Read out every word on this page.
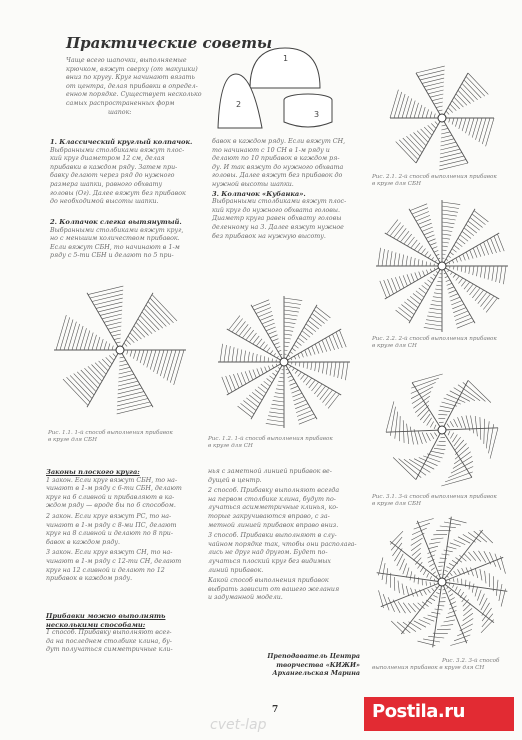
Практические советы
Чаще всего шапочки, выполняемые
крючком, вяжут сверху (от макушки)
вниз по кругу. Круг начинают вязать
от центра, делая прибавки в определ-
енном порядке. Существует несколько
самых распространенных форм
шапок:
1
2
3
1. Классический круглый колпачок.
Выбранными столбиками вяжут плос-
кий круг диаметром 12 см, делая
прибавки в каждом ряду. Затем при-
бавку делают через ряд до нужного
размера шапки, равного обхвату
головы (Ог). Далее вяжут без прибавок
до необходимой высоты шапки.
2. Колпачок слегка вытянутый.
Выбранными столбиками вяжут круг,
но с меньшим количеством прибавок.
Если вяжут СБН, то начинают в 1-м
ряду с 5-ти СБН и делают по 5 при-
бавок в каждом ряду. Если вяжут СН,
то начинают с 10 СН в 1-м ряду и
делают по 10 прибавок в каждом ря-
ду. И так вяжут до нужного обхвата
головы. Далее вяжут без прибавок до
нужной высоты шапки.
3. Колпачок «Кубанка».
Выбранными столбиками вяжут плос-
кий круг до нужного обхвата головы.
Диаметр круга равен обхвату головы
деленному на 3. Далее вяжут нужное
без прибавок на нужную высоту.
Рис. 2.1. 2-й способ выполнения прибавок
в круге для СБН
Рис. 2.2. 2-й способ выполнения прибавок
в круге для СН
Рис. 1.1. 1-й способ выполнения прибавок
в круге для СБН	Рис. 1.2. 1-й способ выполнения прибавок
в круге для СН
Рис. 3.1. 3-й способ выполнения прибавок
в круге для СБН
Рис. 3.2. 3-й способ
выполнения прибавок в круге для СН
Законы плоского круга:
1 закон. Если круг вяжут СБН, то на-
чинают в 1-м ряду с 6-ти СБН, делают
круг на 6 сливной и прибавляют в ка-
ждом ряду — вроде бы по 6 способом.
2 закон. Если круг вяжут РС, то на-
чинают в 1-м ряду с 8-ми ПС, делают
круг на 8 сливной и делают по 8 при-
бавок в каждом ряду.
3 закон. Если круг вяжут СН, то на-
чинают в 1-м ряду с 12-ти СН, делают
круг на 12 сливной и делают по 12
прибавок в каждом ряду.
Прибавки можно выполнять
несколькими способами:
1 способ. Прибавку выполняют всег-
да на последнем столбике клина, бу-
дут получаться симметричные кли-
нья с заметной линией прибавок ве-
дущей в центр.
2 способ. Прибавку выполняют всегда
на первом столбике клина, будут по-
лучаться асимметричные клинья, ко-
торые закручиваются вправо, с за-
метной линией прибавок вправо вниз.
3 способ. Прибавки выполняют в слу-
чайном порядке так, чтобы они располага-
лись не друг над другом. Будет по-
лучаться плоский круг без видимых
линий прибавок.
Какой способ выполнения прибавок
выбрать зависит от вашего желания
и задуманной модели.
Преподаватель Центра
творчества «КИЖИ»
Архангельская Марина
7
cvet-lap
Postila.ru
